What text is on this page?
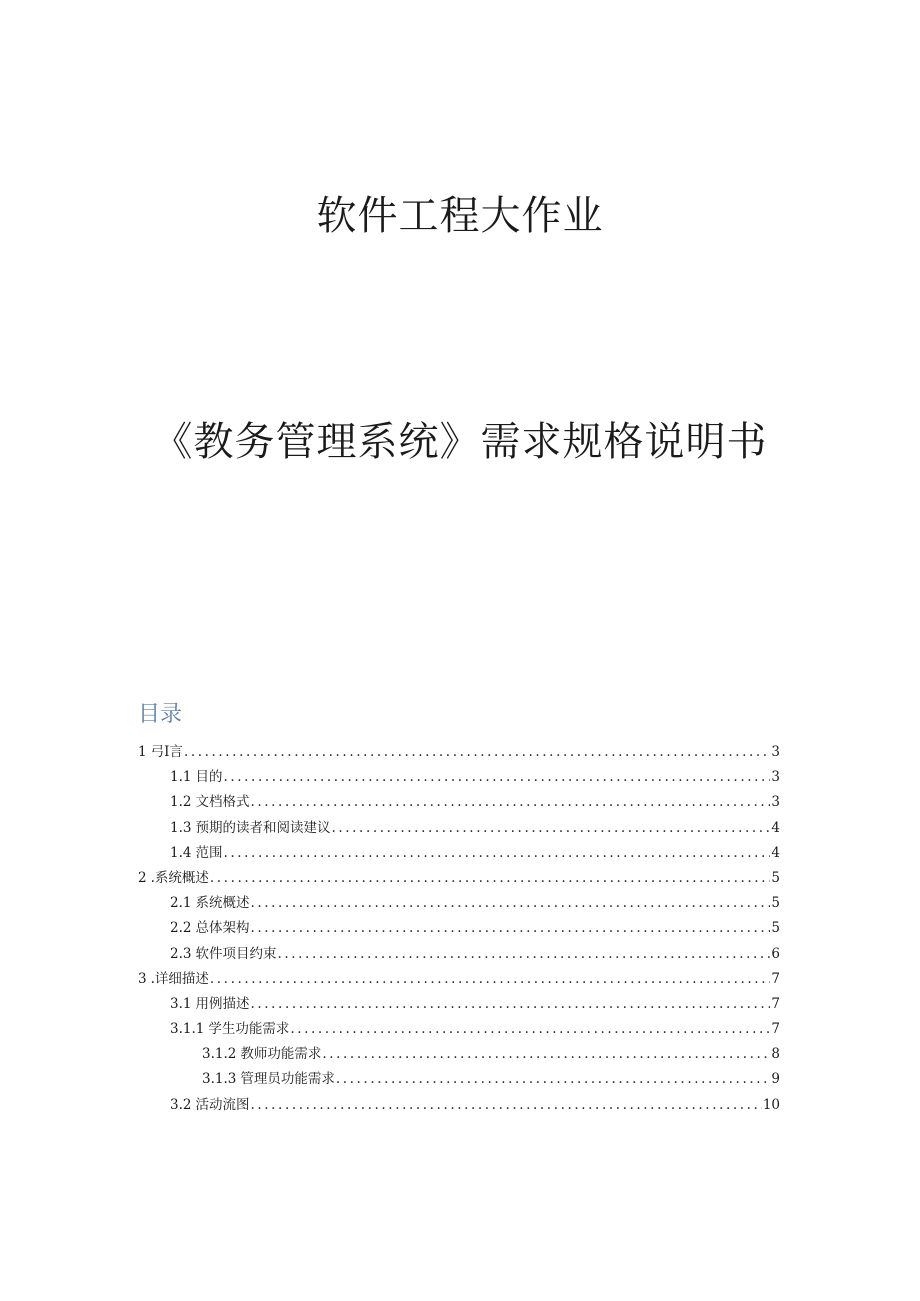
软件工程大作业
《教务管理系统》需求规格说明书
目录
1 弓I言 .....	3
1.1 目的 .....	3
1.2 文档格式 .....	3
1.3 预期的读者和阅读建议 .....	4
1.4 范围 .....	4
2 .系统概述 .....	5
2.1 系统概述 .....	5
2.2 总体架构 .....	5
2.3 软件项目约束 .....	6
3 .详细描述 .....	7
3.1 用例描述 .....	7
3.1.1 学生功能需求 .....	7
3.1.2 教师功能需求 .....	8
3.1.3 管理员功能需求 .....	9
3.2 活动流图 .....	10
